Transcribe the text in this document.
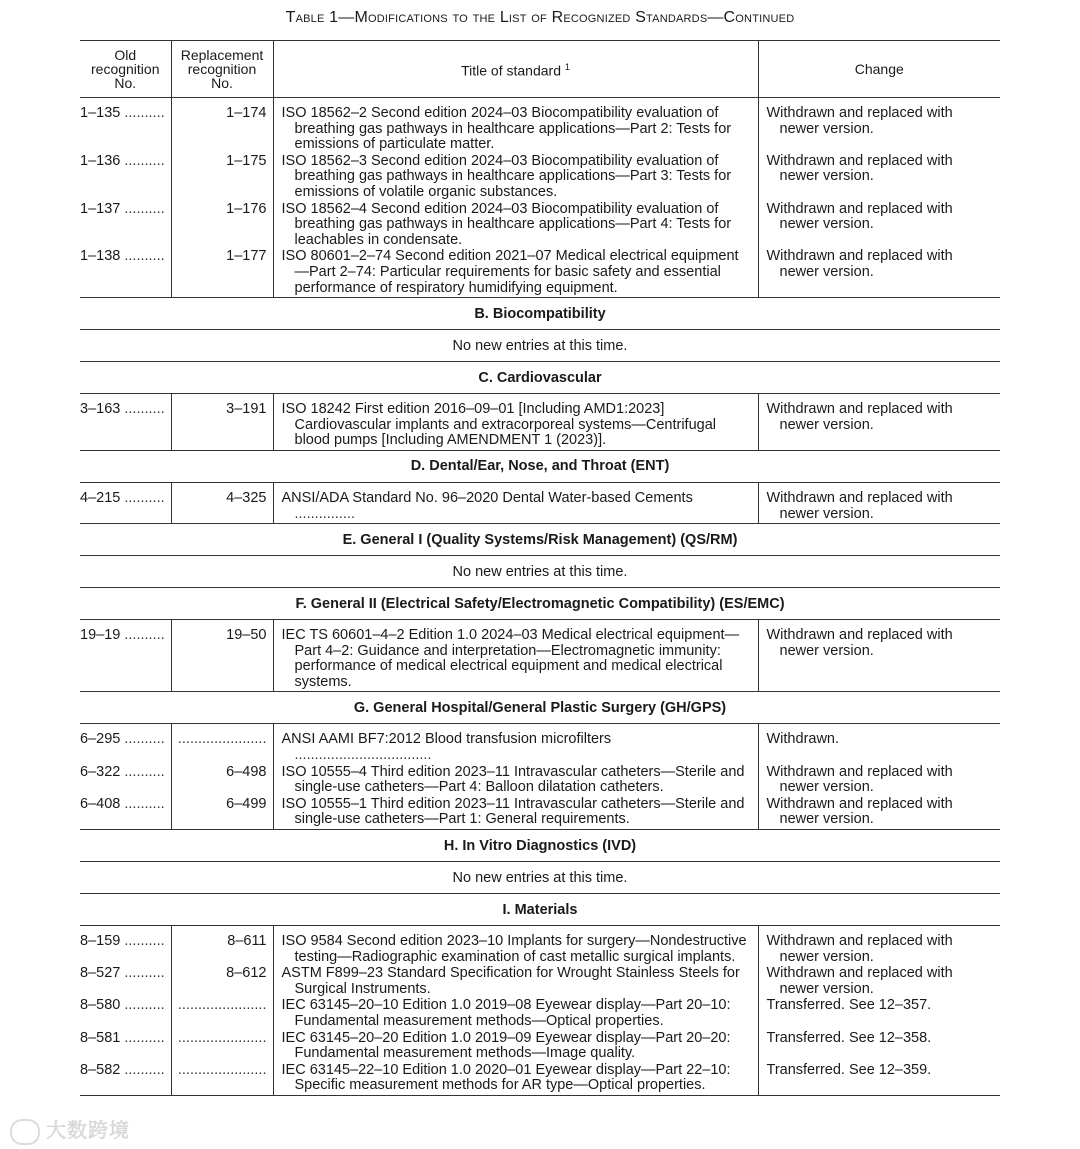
Table 1—Modifications to the List of Recognized Standards—Continued
Old recognition No.	Replacement recognition No.	Title of standard $^1$	Change
1–135 ..........	1–174	ISO 18562–2 Second edition 2024–03 Biocompatibility evaluation of breathing gas pathways in healthcare applications—Part 2: Tests for emissions of particulate matter.	Withdrawn and replaced with newer version.

1–136 ..........	1–175	ISO 18562–3 Second edition 2024–03 Biocompatibility evaluation of breathing gas pathways in healthcare applications—Part 3: Tests for emissions of volatile organic substances.	Withdrawn and replaced with newer version.

1–137 ..........	1–176	ISO 18562–4 Second edition 2024–03 Biocompatibility evaluation of breathing gas pathways in healthcare applications—Part 4: Tests for leachables in condensate.	Withdrawn and replaced with newer version.

1–138 ..........	1–177	ISO 80601–2–74 Second edition 2021–07 Medical electrical equipment—Part 2–74: Particular requirements for basic safety and essential performance of respiratory humidifying equipment.	Withdrawn and replaced with newer version.

B. Biocompatibility			
No new entries at this time.			
C. Cardiovascular			
3–163 ..........	3–191	ISO 18242 First edition 2016–09–01 [Including AMD1:2023] Cardiovascular implants and extracorporeal systems—Centrifugal blood pumps [Including AMENDMENT 1 (2023)].	Withdrawn and replaced with newer version.

D. Dental/Ear, Nose, and Throat (ENT)			
4–215 ..........	4–325	ANSI/ADA Standard No. 96–2020 Dental Water-based Cements ...............	Withdrawn and replaced with newer version.

E. General I (Quality Systems/Risk Management) (QS/RM)			
No new entries at this time.			
F. General II (Electrical Safety/Electromagnetic Compatibility) (ES/EMC)			
19–19 ..........	19–50	IEC TS 60601–4–2 Edition 1.0 2024–03 Medical electrical equipment—Part 4–2: Guidance and interpretation—Electromagnetic immunity: performance of medical electrical equipment and medical electrical systems.	Withdrawn and replaced with newer version.

G. General Hospital/General Plastic Surgery (GH/GPS)			
6–295 ..........	......................	ANSI AAMI BF7:2012 Blood transfusion microfilters ..................................	Withdrawn.

6–322 ..........	6–498	ISO 10555–4 Third edition 2023–11 Intravascular catheters—Sterile and single-use catheters—Part 4: Balloon dilatation catheters.	Withdrawn and replaced with newer version.

6–408 ..........	6–499	ISO 10555–1 Third edition 2023–11 Intravascular catheters—Sterile and single-use catheters—Part 1: General requirements.	Withdrawn and replaced with newer version.

H. In Vitro Diagnostics (IVD)			
No new entries at this time.			
I. Materials			
8–159 ..........	8–611	ISO 9584 Second edition 2023–10 Implants for surgery—Nondestructive testing—Radiographic examination of cast metallic surgical implants.	Withdrawn and replaced with newer version.

8–527 ..........	8–612	ASTM F899–23 Standard Specification for Wrought Stainless Steels for Surgical Instruments.	Withdrawn and replaced with newer version.

8–580 ..........	......................	IEC 63145–20–10 Edition 1.0 2019–08 Eyewear display—Part 20–10: Fundamental measurement methods—Optical properties.	Transferred. See 12–357.

8–581 ..........	......................	IEC 63145–20–20 Edition 1.0 2019–09 Eyewear display—Part 20–20: Fundamental measurement methods—Image quality.	Transferred. See 12–358.

8–582 ..........	......................	IEC 63145–22–10 Edition 1.0 2020–01 Eyewear display—Part 22–10: Specific measurement methods for AR type—Optical properties.	Transferred. See 12–359.
大数跨境
